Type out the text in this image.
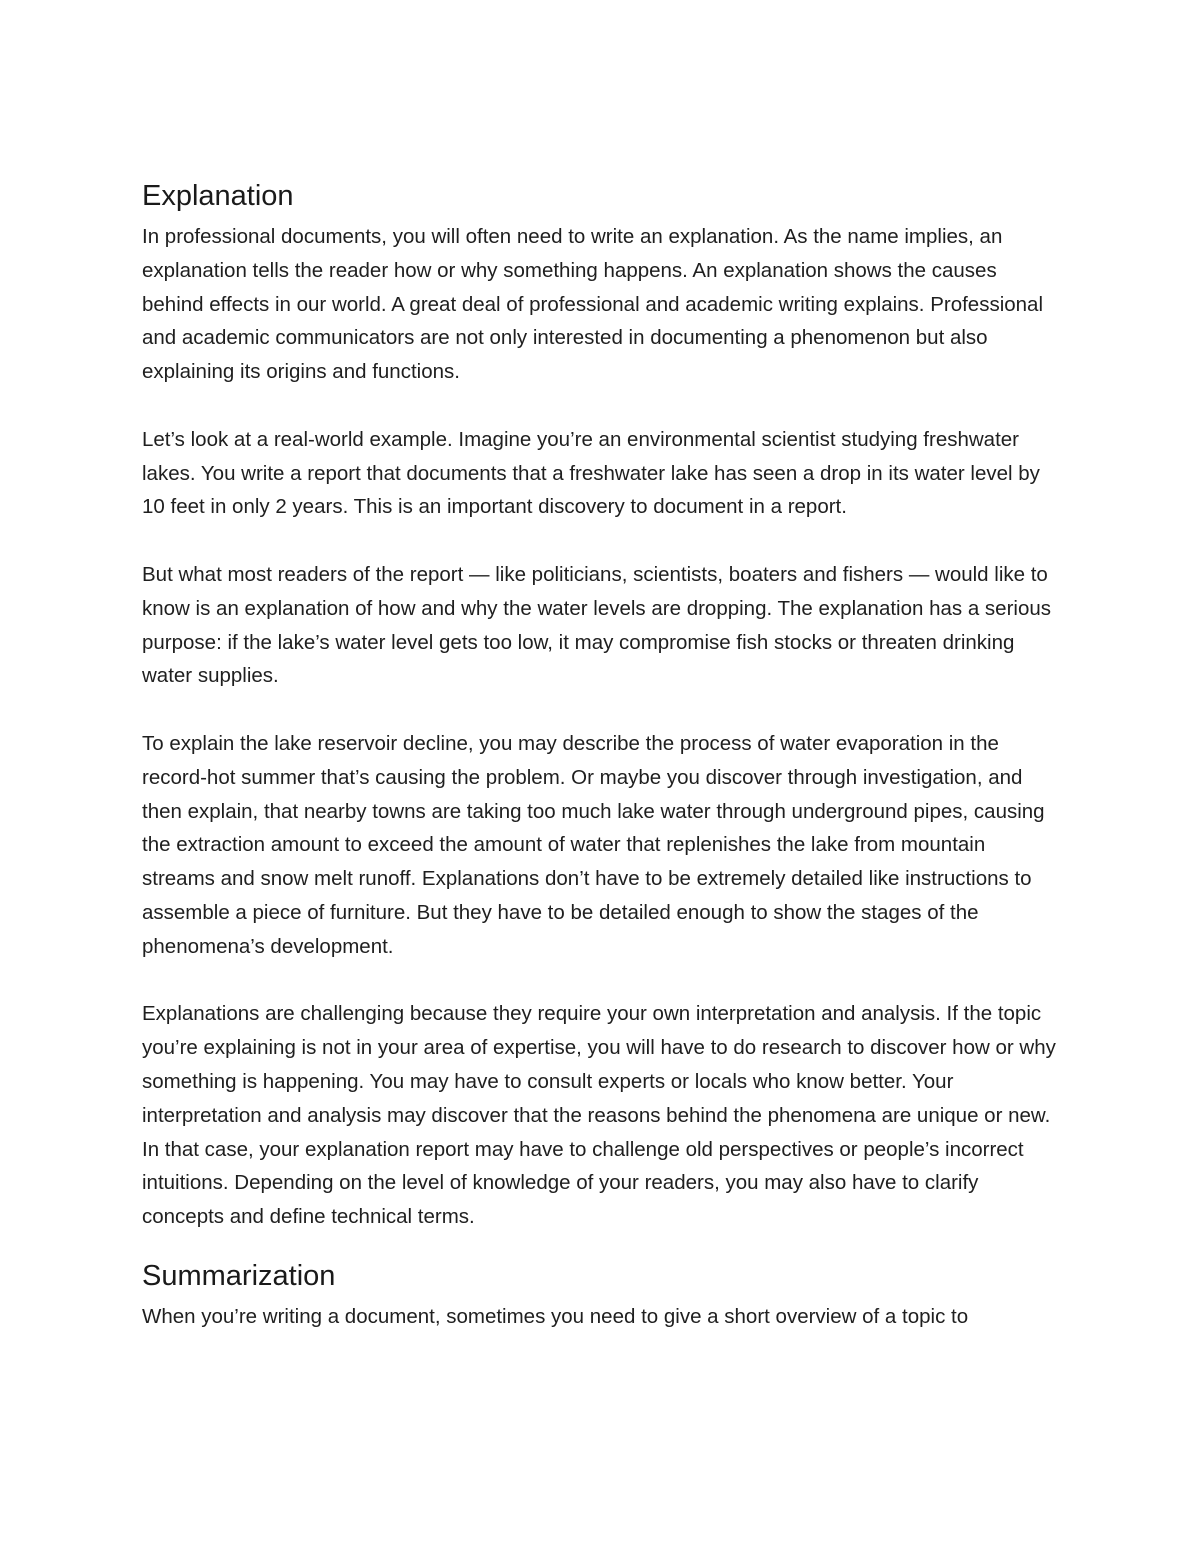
Explanation

In professional documents, you will often need to write an explanation. As the name implies, an explanation tells the reader how or why something happens. An explanation shows the causes behind effects in our world. A great deal of professional and academic writing explains. Professional and academic communicators are not only interested in documenting a phenomenon but also explaining its origins and functions.

Let’s look at a real-world example. Imagine you’re an environmental scientist studying freshwater lakes. You write a report that documents that a freshwater lake has seen a drop in its water level by 10 feet in only 2 years. This is an important discovery to document in a report.

But what most readers of the report — like politicians, scientists, boaters and fishers — would like to know is an explanation of how and why the water levels are dropping. The explanation has a serious purpose: if the lake’s water level gets too low, it may compromise fish stocks or threaten drinking water supplies.

To explain the lake reservoir decline, you may describe the process of water evaporation in the record-hot summer that’s causing the problem. Or maybe you discover through investigation, and then explain, that nearby towns are taking too much lake water through underground pipes, causing the extraction amount to exceed the amount of water that replenishes the lake from mountain streams and snow melt runoff. Explanations don’t have to be extremely detailed like instructions to assemble a piece of furniture. But they have to be detailed enough to show the stages of the phenomena’s development.

Explanations are challenging because they require your own interpretation and analysis. If the topic you’re explaining is not in your area of expertise, you will have to do research to discover how or why something is happening. You may have to consult experts or locals who know better. Your interpretation and analysis may discover that the reasons behind the phenomena are unique or new. In that case, your explanation report may have to challenge old perspectives or people’s incorrect intuitions. Depending on the level of knowledge of your readers, you may also have to clarify concepts and define technical terms.

Summarization

When you’re writing a document, sometimes you need to give a short overview of a topic to
